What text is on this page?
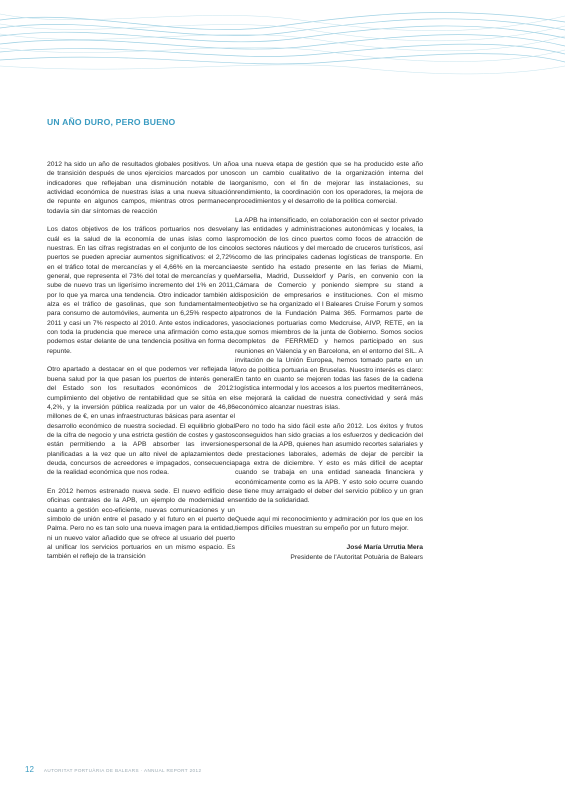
UN AÑO DURO, PERO BUENO

2012 ha sido un año de resultados globales positivos. Un año de transición después de unos ejercicios marcados por unos indicadores que reflejaban una disminución notable de la actividad económica de nuestras islas a una nueva situación de repunte en algunos campos, mientras otros permanecen todavía sin dar síntomas de reacción

Los datos objetivos de los tráficos portuarios nos desvelan cuál es la salud de la economía de unas islas como las nuestras. En las cifras registradas en el conjunto de los cinco puertos se pueden apreciar aumentos significativos: el 2,72% en el tráfico total de mercancías y el 4,66% en la mercancía general, que representa el 73% del total de mercancías y que sube de nuevo tras un ligerísimo incremento del 1% en 2011, por lo que ya marca una tendencia. Otro indicador también al alza es el tráfico de gasolinas, que son fundamentalmente para consumo de automóviles, aumenta un 6,25% respecto al 2011 y casi un 7% respecto al 2010. Ante estos indicadores, y con toda la prudencia que merece una afirmación como esta, podemos estar delante de una tendencia positiva en forma de repunte.

Otro apartado a destacar en el que podemos ver reflejada la buena salud por la que pasan los puertos de interés general del Estado son los resultados económicos de 2012: cumplimiento del objetivo de rentabilidad que se sitúa en el 4,2%, y la inversión pública realizada por un valor de 46,86 millones de €, en unas infraestructuras básicas para asentar el desarrollo económico de nuestra sociedad. El equilibrio global de la cifra de negocio y una estricta gestión de costes y gastos están permitiendo a la APB absorber las inversiones planificadas a la vez que un alto nivel de aplazamientos de deuda, concursos de acreedores e impagados, consecuencia de la realidad económica que nos rodea.

En 2012 hemos estrenado nueva sede. El nuevo edificio de oficinas centrales de la APB, un ejemplo de modernidad en cuanto a gestión eco-eficiente, nuevas comunicaciones y un símbolo de unión entre el pasado y el futuro en el puerto de Palma. Pero no es tan solo una nueva imagen para la entidad, ni un nuevo valor añadido que se ofrece al usuario del puerto al unificar los servicios portuarios en un mismo espacio. Es también el reflejo de la transición

a una nueva etapa de gestión que se ha producido este año con un cambio cualitativo de la organización interna del organismo, con el fin de mejorar las instalaciones, su rendimiento, la coordinación con los operadores, la mejora de procedimientos y el desarrollo de la política comercial.

La APB ha intensificado, en colaboración con el sector privado y las entidades y administraciones autonómicas y locales, la promoción de los cinco puertos como focos de atracción de los sectores náuticos y del mercado de cruceros turísticos, así como de las principales cadenas logísticas de transporte. En este sentido ha estado presente en las ferias de Miami, Marsella, Madrid, Dusseldorf y París, en convenio con la Cámara de Comercio y poniendo siempre su stand a disposición de empresarios e instituciones. Con el mismo objetivo se ha organizado el I Baleares Cruise Forum y somos patronos de la Fundación Palma 365. Formamos parte de asociaciones portuarias como Medcruise, AIVP, RETE, en la que somos miembros de la junta de Gobierno. Somos socios completos de FERRMED y hemos participado en sus reuniones en Valencia y en Barcelona, en el entorno del SIL. A invitación de la Unión Europea, hemos tomado parte en un foro de política portuaria en Bruselas. Nuestro interés es claro: En tanto en cuanto se mejoren todas las fases de la cadena logística intermodal y los accesos a los puertos mediterráneos, se mejorará la calidad de nuestra conectividad y será más económico alcanzar nuestras islas.

Pero no todo ha sido fácil este año 2012. Los éxitos y frutos conseguidos han sido gracias a los esfuerzos y dedicación del personal de la APB, quienes han asumido recortes salariales y de prestaciones laborales, además de dejar de percibir la paga extra de diciembre. Y esto es más difícil de aceptar cuando se trabaja en una entidad saneada financiera y económicamente como es la APB. Y esto solo ocurre cuando se tiene muy arraigado el deber del servicio público y un gran sentido de la solidaridad.

Quede aquí mi reconocimiento y admiración por los que en los tiempos difíciles muestran su empeño por un futuro mejor.

José María Urrutia Mera
Presidente de l'Autoritat Potuària de Balears
12 AUTORITAT PORTUÀRIA DE BALEARS · ANNUAL REPORT 2012
